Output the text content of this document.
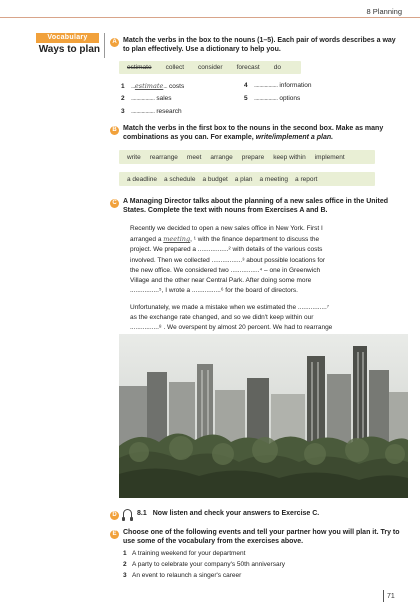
8 Planning
Vocabulary
Ways to plan
A Match the verbs in the box to the nouns (1–5). Each pair of words describes a way to plan effectively. Use a dictionary to help you.
estimate collect consider forecast do
1 ...estimate... costs
2 .................. sales
3 .................. research
4 .................. information
5 .................. options
B Match the verbs in the first box to the nouns in the second box. Make as many combinations as you can. For example, write/implement a plan.
write rearrange meet arrange prepare keep within implement
a deadline a schedule a budget a plan a meeting a report
C A Managing Director talks about the planning of a new sales office in the United States. Complete the text with nouns from Exercises A and B.
Recently we decided to open a new sales office in New York. First I
arranged a meeting, ¹ with the finance department to discuss the
project. We prepared a .................² with details of the various costs
involved. Then we collected .................³ about possible locations for
the new office. We considered two ................⁴ – one in Greenwich
Village and the other near Central Park. After doing some more
................⁵, I wrote a ................⁶ for the board of directors.
Unfortunately, we made a mistake when we estimated the ................⁷
as the exchange rate changed, and so we didn't keep within our
................⁸ . We overspent by almost 20 percent. We had to rearrange
D	8.1 Now listen and check your answers to Exercise C.
E Choose one of the following events and tell your partner how you will plan it. Try to use some of the vocabulary from the exercises above.
1 A training weekend for your department
2 A party to celebrate your company's 50th anniversary
3 An event to relaunch a singer's career
71
